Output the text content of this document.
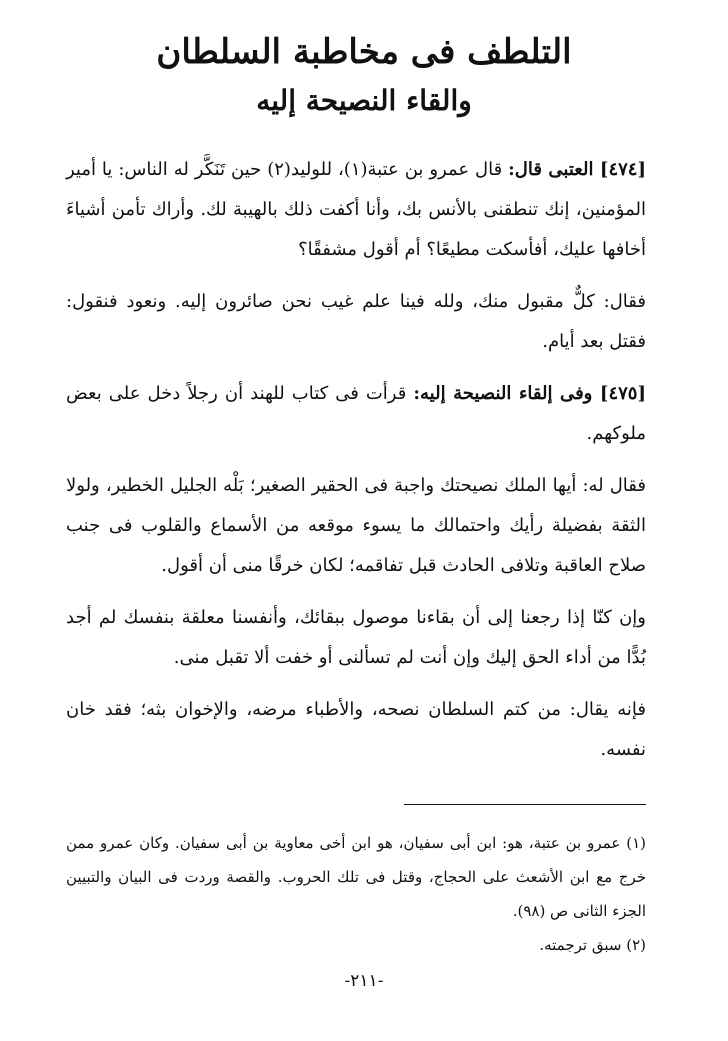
التلطف فى مخاطبة السلطان
والقاء النصيحة إليه

[٤٧٤] العتبى قال: قال عمرو بن عتبة(١)، للوليد(٢) حين تَنَكَّر له الناس: يا أمير المؤمنين، إنك تنطقنى بالأنس بك، وأنا أكفت ذلك بالهيبة لك. وأراك تأمن أشياءَ أخافها عليك، أفأسكت مطيعًا؟ أم أقول مشفقًا؟

فقال: كلٌّ مقبول منك، ولله فينا علم غيب نحن صائرون إليه. ونعود فنقول: فقتل بعد أيام.

[٤٧٥] وفى إلقاء النصيحة إليه: قرأت فى كتاب للهند أن رجلاً دخل على بعض ملوكهم.

فقال له: أيها الملك نصيحتك واجبة فى الحقير الصغير؛ بَلْه الجليل الخطير، ولولا الثقة بفضيلة رأيك واحتمالك ما يسوء موقعه من الأسماع والقلوب فى جنب صلاح العاقبة وتلافى الحادث قبل تفاقمه؛ لكان خرقًا منى أن أقول.

وإن كنّا إذا رجعنا إلى أن بقاءنا موصول ببقائك، وأنفسنا معلقة بنفسك لم أجد بُدًّا من أداء الحق إليك وإن أنت لم تسألنى أو خفت ألا تقبل منى.

فإنه يقال: من كتم السلطان نصحه، والأطباء مرضه، والإخوان بثه؛ فقد خان نفسه.

(١) عمرو بن عتبة، هو: ابن أبى سفيان، هو ابن أخى معاوية بن أبى سفيان. وكان عمرو ممن خرج مع ابن الأشعث على الحجاج، وقتل فى تلك الحروب. والقصة وردت فى البيان والتبيين الجزء الثانى ص (٩٨).

(٢) سبق ترجمته.

-٢١١-
